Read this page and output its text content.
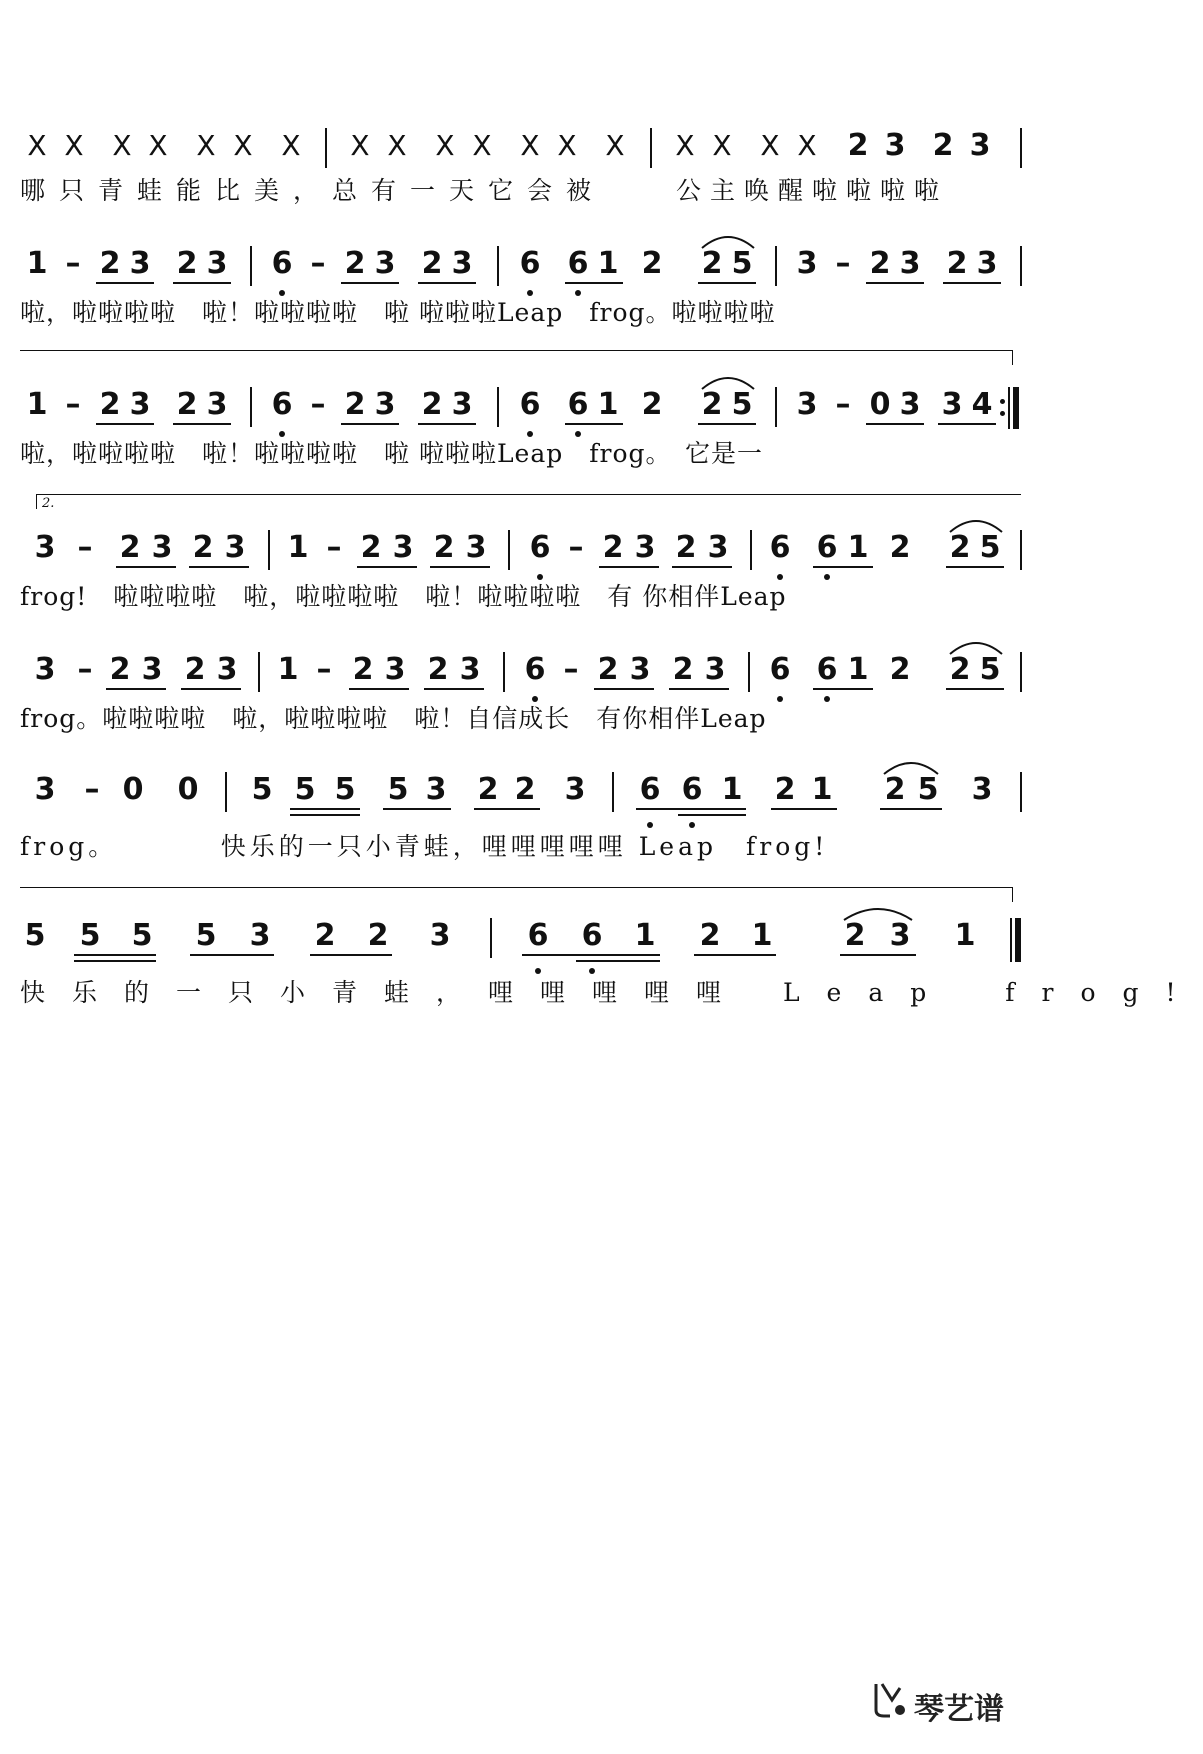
X X X X X X X X X X X X X X X X X X 2 3 2 3
哪只青蛙能比美，总有一天它会被	公主唤醒啦啦啦啦
1 – 2 3 2 3 6 – 2 3 2 3 6 6 1 2 2 5 3 – 2 3 2 3
啦，啦啦啦啦　啦！啦啦啦啦　啦 啦啦啦Leap　frog。啦啦啦啦
1 – 2 3 2 3 6 – 2 3 2 3 6 6 1 2 2 5 3 – 0 3 3 4
啦，啦啦啦啦　啦！啦啦啦啦　啦 啦啦啦Leap　frog。　它是一
2.
3 – 2 3 2 3 1 – 2 3 2 3 6 – 2 3 2 3 6 6 1 2 2 5
frog!　啦啦啦啦　啦，啦啦啦啦　啦！啦啦啦啦　有 你相伴Leap
3 – 2 3 2 3 1 – 2 3 2 3 6 – 2 3 2 3 6 6 1 2 2 5
frog。啦啦啦啦　啦，啦啦啦啦　啦！自信成长　有你相伴Leap
3 – 0 0 5 5 5 5 3 2 2 3 6 6 1 2 1 2 5 3
frog。　　　　快乐的一只小青蛙，哩哩哩哩哩 Leap　frog!
5 5 5 5 3 2 2 3	6 6 1 2 1 2 3 1
快乐的一只小青蛙，哩哩哩哩哩 Leap　frog!
琴艺谱
